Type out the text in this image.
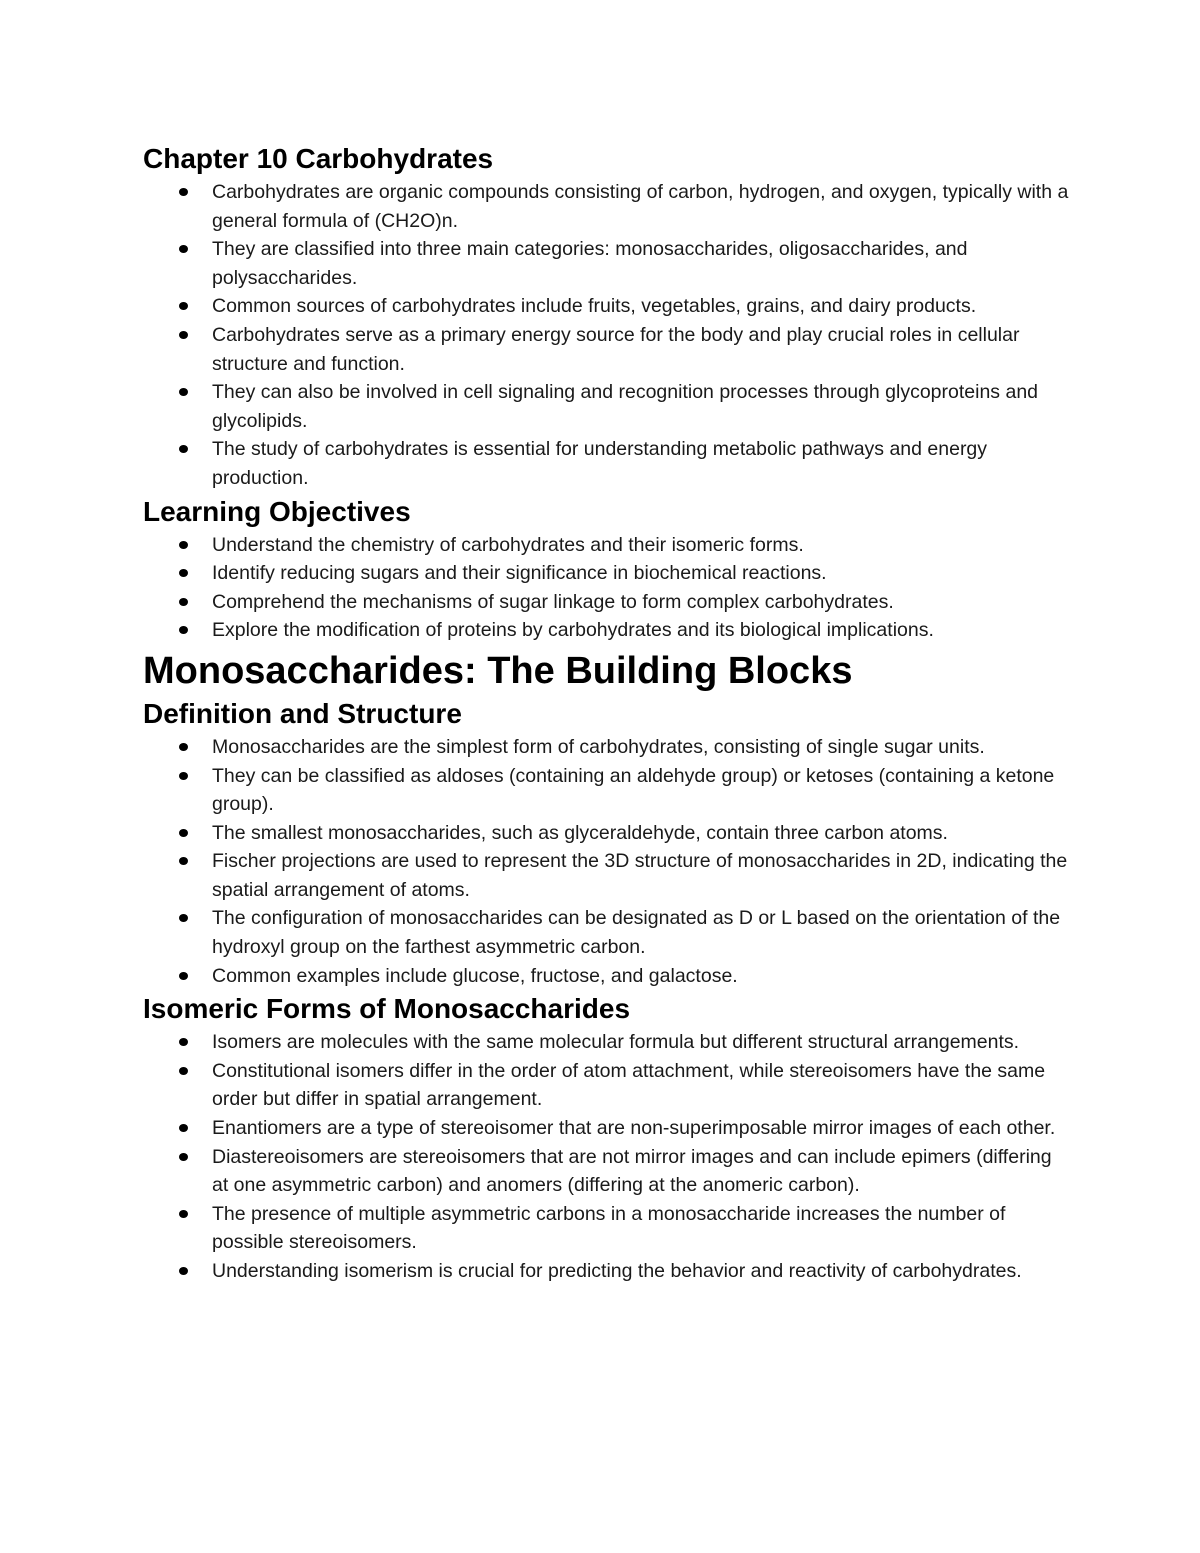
Chapter 10 Carbohydrates
Carbohydrates are organic compounds consisting of carbon, hydrogen, and oxygen, typically with a general formula of (CH2O)n.
They are classified into three main categories: monosaccharides, oligosaccharides, and polysaccharides.
Common sources of carbohydrates include fruits, vegetables, grains, and dairy products.
Carbohydrates serve as a primary energy source for the body and play crucial roles in cellular structure and function.
They can also be involved in cell signaling and recognition processes through glycoproteins and glycolipids.
The study of carbohydrates is essential for understanding metabolic pathways and energy production.
Learning Objectives
Understand the chemistry of carbohydrates and their isomeric forms.
Identify reducing sugars and their significance in biochemical reactions.
Comprehend the mechanisms of sugar linkage to form complex carbohydrates.
Explore the modification of proteins by carbohydrates and its biological implications.
Monosaccharides: The Building Blocks
Definition and Structure
Monosaccharides are the simplest form of carbohydrates, consisting of single sugar units.
They can be classified as aldoses (containing an aldehyde group) or ketoses (containing a ketone group).
The smallest monosaccharides, such as glyceraldehyde, contain three carbon atoms.
Fischer projections are used to represent the 3D structure of monosaccharides in 2D, indicating the spatial arrangement of atoms.
The configuration of monosaccharides can be designated as D or L based on the orientation of the hydroxyl group on the farthest asymmetric carbon.
Common examples include glucose, fructose, and galactose.
Isomeric Forms of Monosaccharides
Isomers are molecules with the same molecular formula but different structural arrangements.
Constitutional isomers differ in the order of atom attachment, while stereoisomers have the same order but differ in spatial arrangement.
Enantiomers are a type of stereoisomer that are non-superimposable mirror images of each other.
Diastereoisomers are stereoisomers that are not mirror images and can include epimers (differing at one asymmetric carbon) and anomers (differing at the anomeric carbon).
The presence of multiple asymmetric carbons in a monosaccharide increases the number of possible stereoisomers.
Understanding isomerism is crucial for predicting the behavior and reactivity of carbohydrates.
